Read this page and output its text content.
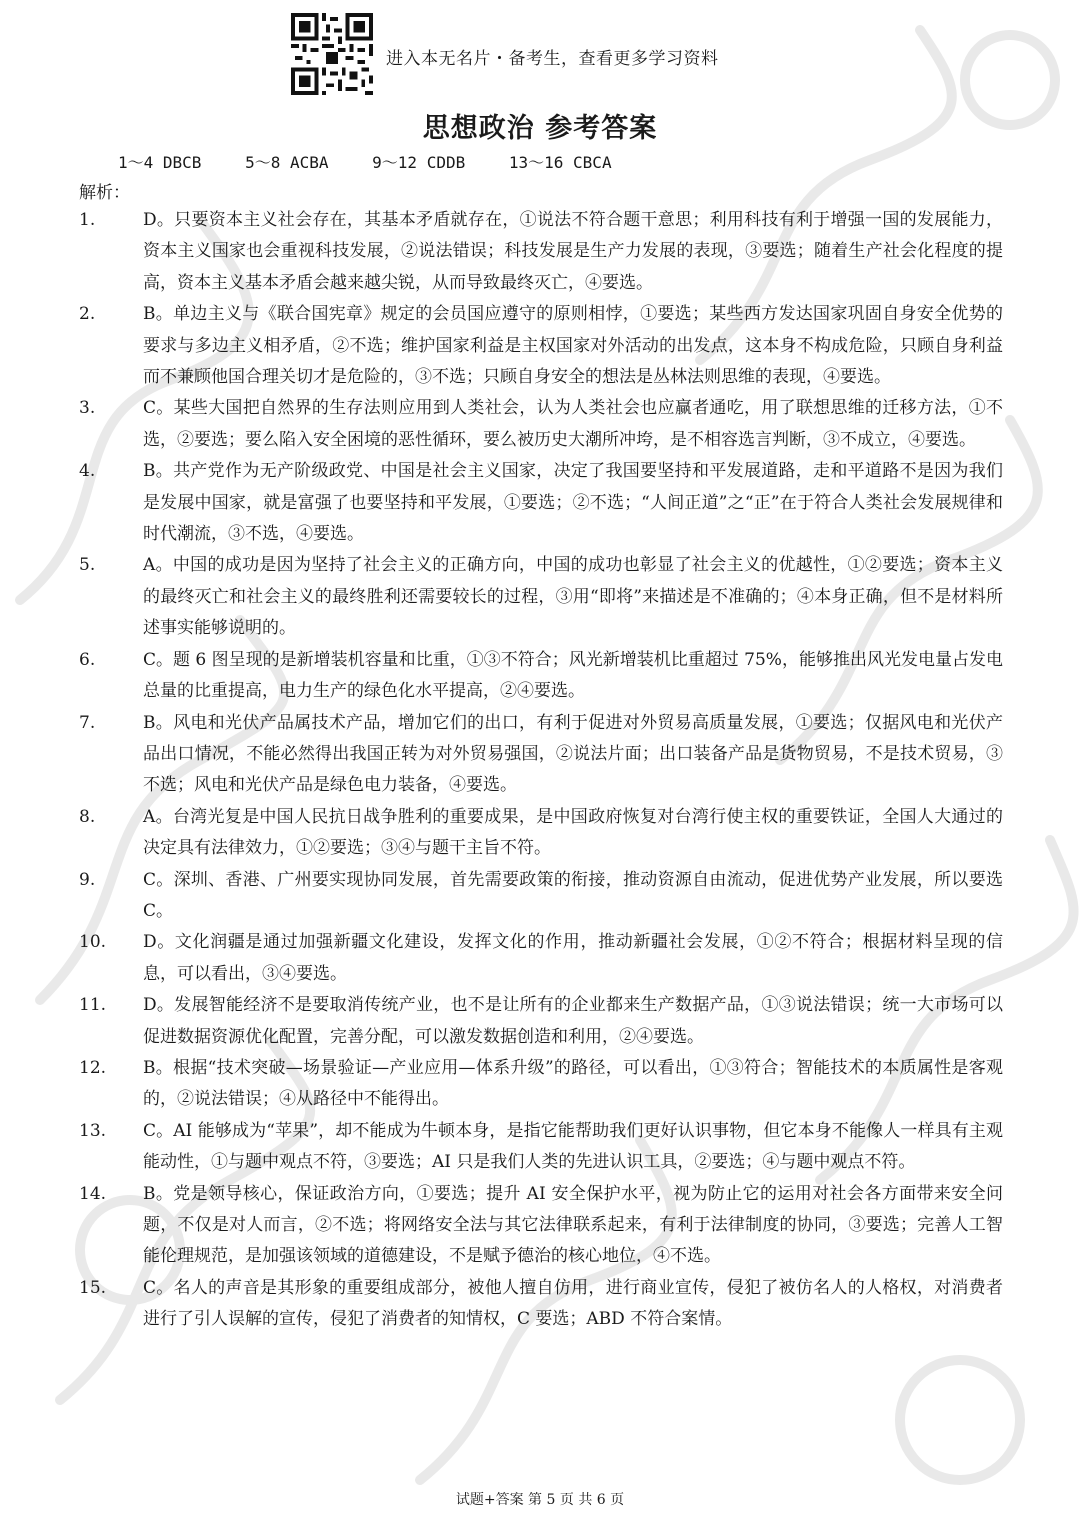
进入本无名片・备考生，查看更多学习资料
思想政治 参考答案
1～4 DBCB	5～8 ACBA	9～12 CDDB	13～16 CBCA
解析：
1.	D。只要资本主义社会存在，其基本矛盾就存在，①说法不符合题干意思；利用科技有利于增强一国的发展能力，资本主义国家也会重视科技发展，②说法错误；科技发展是生产力发展的表现，③要选；随着生产社会化程度的提高，资本主义基本矛盾会越来越尖锐，从而导致最终灭亡，④要选。
2.	B。单边主义与《联合国宪章》规定的会员国应遵守的原则相悖，①要选；某些西方发达国家巩固自身安全优势的要求与多边主义相矛盾，②不选；维护国家利益是主权国家对外活动的出发点，这本身不构成危险，只顾自身利益而不兼顾他国合理关切才是危险的，③不选；只顾自身安全的想法是丛林法则思维的表现，④要选。
3.	C。某些大国把自然界的生存法则应用到人类社会，认为人类社会也应赢者通吃，用了联想思维的迁移方法，①不选，②要选；要么陷入安全困境的恶性循环，要么被历史大潮所冲垮，是不相容选言判断，③不成立，④要选。
4.	B。共产党作为无产阶级政党、中国是社会主义国家，决定了我国要坚持和平发展道路，走和平道路不是因为我们是发展中国家，就是富强了也要坚持和平发展，①要选；②不选；“人间正道”之“正”在于符合人类社会发展规律和时代潮流，③不选，④要选。
5.	A。中国的成功是因为坚持了社会主义的正确方向，中国的成功也彰显了社会主义的优越性，①②要选；资本主义的最终灭亡和社会主义的最终胜利还需要较长的过程，③用“即将”来描述是不准确的；④本身正确，但不是材料所述事实能够说明的。
6.	C。题 6 图呈现的是新增装机容量和比重，①③不符合；风光新增装机比重超过 75%，能够推出风光发电量占发电总量的比重提高，电力生产的绿色化水平提高，②④要选。
7.	B。风电和光伏产品属技术产品，增加它们的出口，有利于促进对外贸易高质量发展，①要选；仅据风电和光伏产品出口情况，不能必然得出我国正转为对外贸易强国，②说法片面；出口装备产品是货物贸易，不是技术贸易，③不选；风电和光伏产品是绿色电力装备，④要选。
8.	A。台湾光复是中国人民抗日战争胜利的重要成果，是中国政府恢复对台湾行使主权的重要铁证，全国人大通过的决定具有法律效力，①②要选；③④与题干主旨不符。
9.	C。深圳、香港、广州要实现协同发展，首先需要政策的衔接，推动资源自由流动，促进优势产业发展，所以要选 C。
10.	D。文化润疆是通过加强新疆文化建设，发挥文化的作用，推动新疆社会发展，①②不符合；根据材料呈现的信息，可以看出，③④要选。
11.	D。发展智能经济不是要取消传统产业，也不是让所有的企业都来生产数据产品，①③说法错误；统一大市场可以促进数据资源优化配置，完善分配，可以激发数据创造和利用，②④要选。
12.	B。根据“技术突破—场景验证—产业应用—体系升级”的路径，可以看出，①③符合；智能技术的本质属性是客观的，②说法错误；④从路径中不能得出。
13.	C。AI 能够成为“苹果”，却不能成为牛顿本身，是指它能帮助我们更好认识事物，但它本身不能像人一样具有主观能动性，①与题中观点不符，③要选；AI 只是我们人类的先进认识工具，②要选；④与题中观点不符。
14.	B。党是领导核心，保证政治方向，①要选；提升 AI 安全保护水平，视为防止它的运用对社会各方面带来安全问题，不仅是对人而言，②不选；将网络安全法与其它法律联系起来，有利于法律制度的协同，③要选；完善人工智能伦理规范，是加强该领域的道德建设，不是赋予德治的核心地位，④不选。
15.	C。名人的声音是其形象的重要组成部分，被他人擅自仿用，进行商业宣传，侵犯了被仿名人的人格权，对消费者进行了引人误解的宣传，侵犯了消费者的知情权，C 要选；ABD 不符合案情。
试题+答案 第 5 页 共 6 页
